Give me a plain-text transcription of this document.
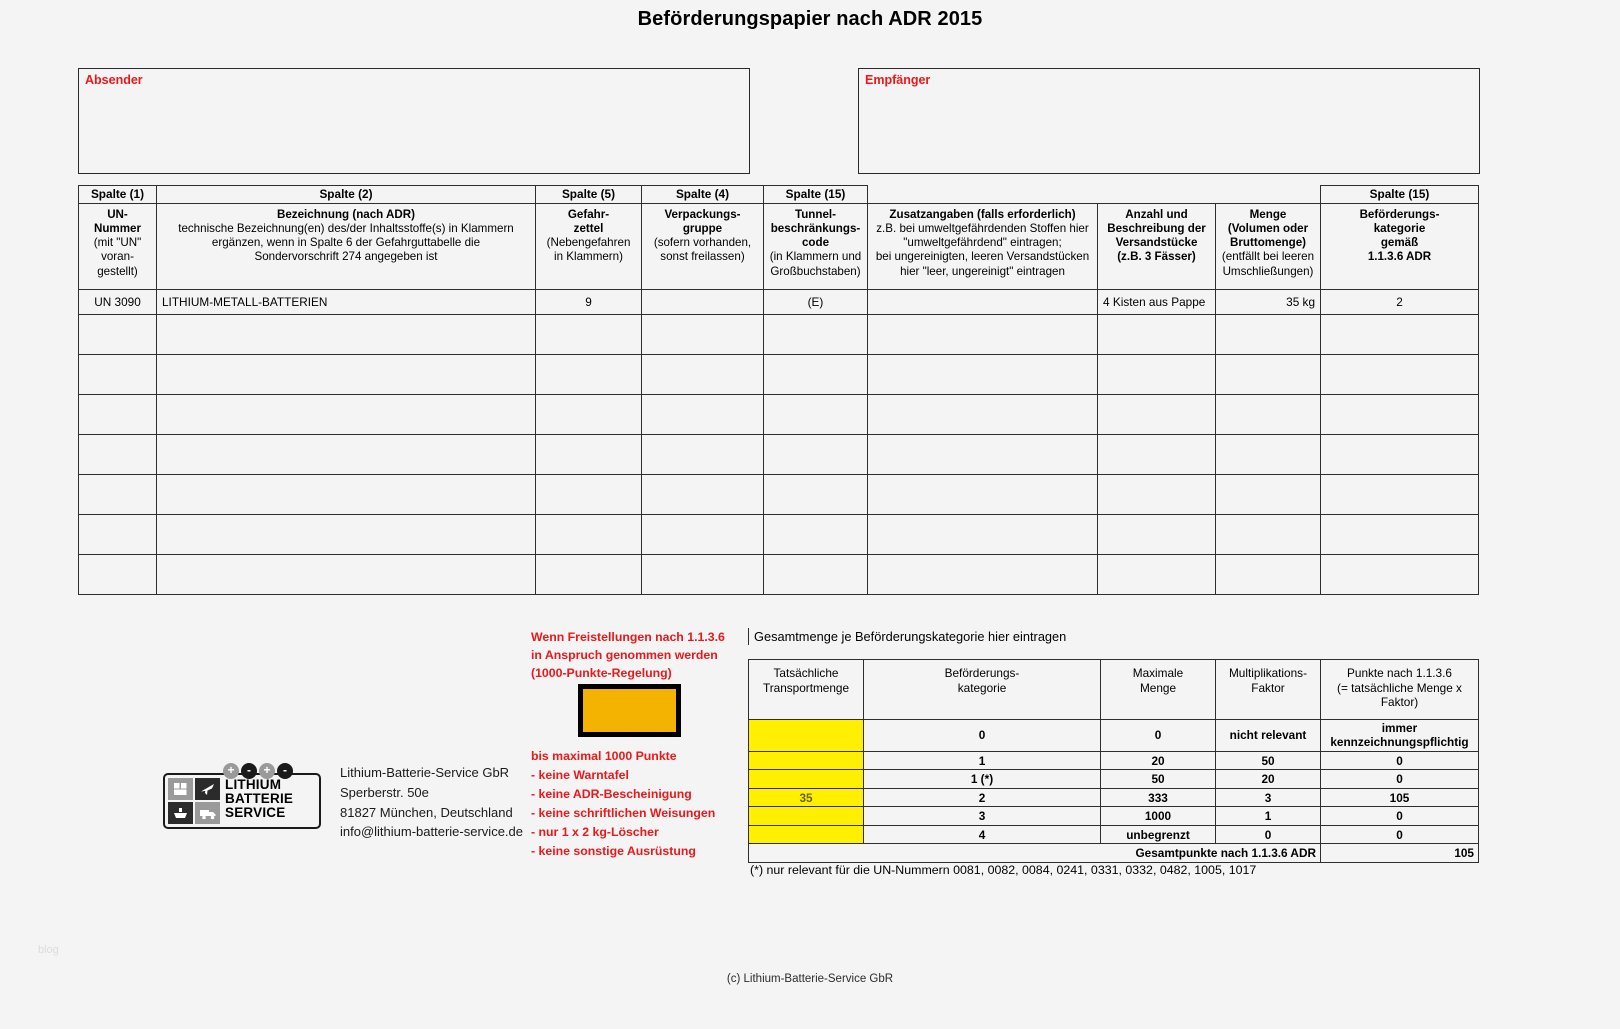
Beförderungspapier nach ADR 2015
Absender	Empfänger
Spalte (1)	Spalte (2)	Spalte (5)	Spalte (4)	Spalte (15)				Spalte (15)
UN-
Nummer
(mit "UN"
voran-
gestellt)	Bezeichnung (nach ADR)
technische Bezeichnung(en) des/der Inhaltsstoffe(s) in Klammern
ergänzen, wenn in Spalte 6 der Gefahrguttabelle die
Sondervorschrift 274 angegeben ist	Gefahr-
zettel
(Nebengefahren
in Klammern)	Verpackungs-
gruppe
(sofern vorhanden,
sonst freilassen)	Tunnel-
beschränkungs-
code
(in Klammern und
Großbuchstaben)	Zusatzangaben (falls erforderlich)
z.B. bei umweltgefährdenden Stoffen hier
"umweltgefährdend" eintragen;
bei ungereinigten, leeren Versandstücken
hier "leer, ungereinigt" eintragen	Anzahl und
Beschreibung der
Versandstücke
(z.B. 3 Fässer)	Menge
(Volumen oder
Bruttomenge)
(entfällt bei leeren
Umschließungen)	Beförderungs-
kategorie
gemäß
1.1.3.6 ADR
UN 3090	LITHIUM-METALL-BATTERIEN	9		(E)		4 Kisten aus Pappe	35 kg	2

Wenn Freistellungen nach 1.1.3.6
in Anspruch genommen werden
(1000-Punkte-Regelung)
bis maximal 1000 Punkte
- keine Warntafel
- keine ADR-Bescheinigung
- keine schriftlichen Weisungen
- nur 1 x 2 kg-Löscher
- keine sonstige Ausrüstung
+	-	+	-
LITHIUM
BATTERIE
SERVICE
Lithium-Batterie-Service GbR
Sperberstr. 50e
81827 München, Deutschland
info@lithium-batterie-service.de
Gesamtmenge je Beförderungskategorie hier eintragen
Tatsächliche
Transportmenge	Beförderungs-
kategorie	Maximale
Menge	Multiplikations-
Faktor	Punkte nach 1.1.3.6
(= tatsächliche Menge x
Faktor)
	0	0	nicht relevant	immer kennzeichnungspflichtig
	1	20	50	0
	1 (*)	50	20	0
35	2	333	3	105
	3	1000	1	0
	4	unbegrenzt	0	0
Gesamtpunkte nach 1.1.3.6 ADR				105
(*) nur relevant für die UN-Nummern 0081, 0082, 0084, 0241, 0331, 0332, 0482, 1005, 1017
(c) Lithium-Batterie-Service GbR
blog
